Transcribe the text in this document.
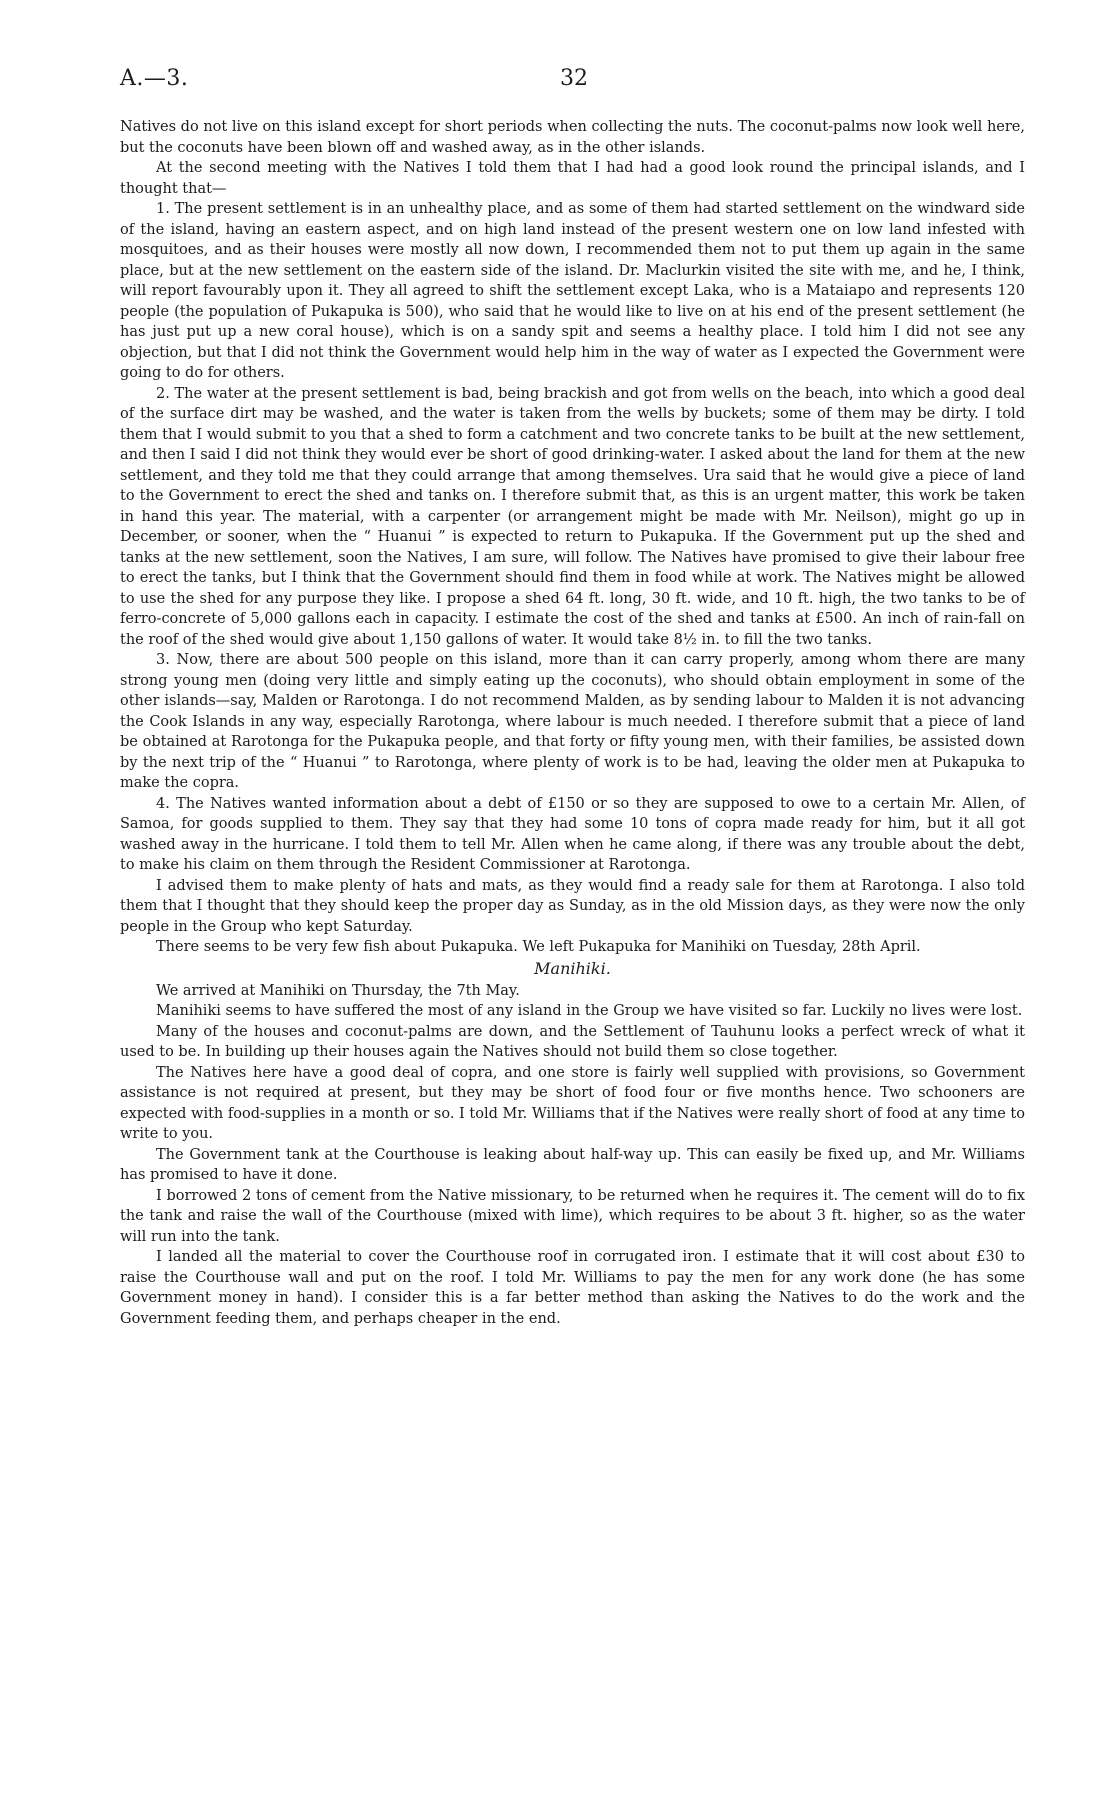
A.—3.	32

Natives do not live on this island except for short periods when collecting the nuts. The coconut-palms now look well here, but the coconuts have been blown off and washed away, as in the other islands.

At the second meeting with the Natives I told them that I had had a good look round the principal islands, and I thought that—

1. The present settlement is in an unhealthy place, and as some of them had started settlement on the windward side of the island, having an eastern aspect, and on high land instead of the present western one on low land infested with mosquitoes, and as their houses were mostly all now down, I recommended them not to put them up again in the same place, but at the new settlement on the eastern side of the island. Dr. Maclurkin visited the site with me, and he, I think, will report favourably upon it. They all agreed to shift the settlement except Laka, who is a Mataiapo and represents 120 people (the population of Pukapuka is 500), who said that he would like to live on at his end of the present settlement (he has just put up a new coral house), which is on a sandy spit and seems a healthy place. I told him I did not see any objection, but that I did not think the Government would help him in the way of water as I expected the Government were going to do for others.

2. The water at the present settlement is bad, being brackish and got from wells on the beach, into which a good deal of the surface dirt may be washed, and the water is taken from the wells by buckets; some of them may be dirty. I told them that I would submit to you that a shed to form a catchment and two concrete tanks to be built at the new settlement, and then I said I did not think they would ever be short of good drinking-water. I asked about the land for them at the new settlement, and they told me that they could arrange that among themselves. Ura said that he would give a piece of land to the Government to erect the shed and tanks on. I therefore submit that, as this is an urgent matter, this work be taken in hand this year. The material, with a carpenter (or arrangement might be made with Mr. Neilson), might go up in December, or sooner, when the “ Huanui ” is expected to return to Pukapuka. If the Government put up the shed and tanks at the new settlement, soon the Natives, I am sure, will follow. The Natives have promised to give their labour free to erect the tanks, but I think that the Government should find them in food while at work. The Natives might be allowed to use the shed for any purpose they like. I propose a shed 64 ft. long, 30 ft. wide, and 10 ft. high, the two tanks to be of ferro-concrete of 5,000 gallons each in capacity. I estimate the cost of the shed and tanks at £500. An inch of rain-fall on the roof of the shed would give about 1,150 gallons of water. It would take 8½ in. to fill the two tanks.

3. Now, there are about 500 people on this island, more than it can carry properly, among whom there are many strong young men (doing very little and simply eating up the coconuts), who should obtain employment in some of the other islands—say, Malden or Rarotonga. I do not recommend Malden, as by sending labour to Malden it is not advancing the Cook Islands in any way, especially Rarotonga, where labour is much needed. I therefore submit that a piece of land be obtained at Rarotonga for the Pukapuka people, and that forty or fifty young men, with their families, be assisted down by the next trip of the “ Huanui ” to Rarotonga, where plenty of work is to be had, leaving the older men at Pukapuka to make the copra.

4. The Natives wanted information about a debt of £150 or so they are supposed to owe to a certain Mr. Allen, of Samoa, for goods supplied to them. They say that they had some 10 tons of copra made ready for him, but it all got washed away in the hurricane. I told them to tell Mr. Allen when he came along, if there was any trouble about the debt, to make his claim on them through the Resident Commissioner at Rarotonga.

I advised them to make plenty of hats and mats, as they would find a ready sale for them at Rarotonga. I also told them that I thought that they should keep the proper day as Sunday, as in the old Mission days, as they were now the only people in the Group who kept Saturday.

There seems to be very few fish about Pukapuka. We left Pukapuka for Manihiki on Tuesday, 28th April.

Manihiki.

We arrived at Manihiki on Thursday, the 7th May.

Manihiki seems to have suffered the most of any island in the Group we have visited so far. Luckily no lives were lost.

Many of the houses and coconut-palms are down, and the Settlement of Tauhunu looks a perfect wreck of what it used to be. In building up their houses again the Natives should not build them so close together.

The Natives here have a good deal of copra, and one store is fairly well supplied with provisions, so Government assistance is not required at present, but they may be short of food four or five months hence. Two schooners are expected with food-supplies in a month or so. I told Mr. Williams that if the Natives were really short of food at any time to write to you.

The Government tank at the Courthouse is leaking about half-way up. This can easily be fixed up, and Mr. Williams has promised to have it done.

I borrowed 2 tons of cement from the Native missionary, to be returned when he requires it. The cement will do to fix the tank and raise the wall of the Courthouse (mixed with lime), which requires to be about 3 ft. higher, so as the water will run into the tank.

I landed all the material to cover the Courthouse roof in corrugated iron. I estimate that it will cost about £30 to raise the Courthouse wall and put on the roof. I told Mr. Williams to pay the men for any work done (he has some Government money in hand). I consider this is a far better method than asking the Natives to do the work and the Government feeding them, and perhaps cheaper in the end.
